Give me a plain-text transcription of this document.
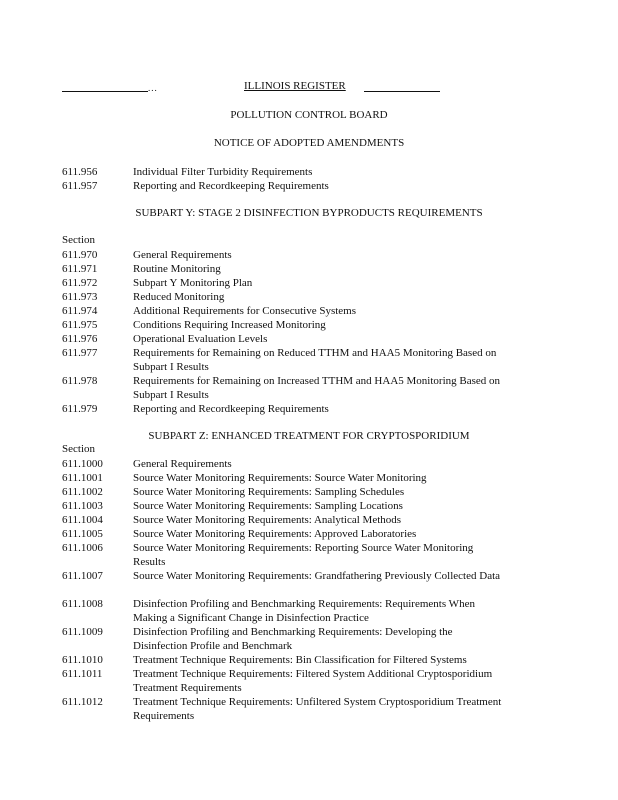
...	ILLINOIS REGISTER
POLLUTION CONTROL BOARD
NOTICE OF ADOPTED AMENDMENTS
611.956	Individual Filter Turbidity Requirements
611.957	Reporting and Recordkeeping Requirements
SUBPART Y: STAGE 2 DISINFECTION BYPRODUCTS REQUIREMENTS
Section
611.970	General Requirements
611.971	Routine Monitoring
611.972	Subpart Y Monitoring Plan
611.973	Reduced Monitoring
611.974	Additional Requirements for Consecutive Systems
611.975	Conditions Requiring Increased Monitoring
611.976	Operational Evaluation Levels
611.977	Requirements for Remaining on Reduced TTHM and HAA5 Monitoring Based on Subpart I Results
611.978	Requirements for Remaining on Increased TTHM and HAA5 Monitoring Based on Subpart I Results
611.979	Reporting and Recordkeeping Requirements
SUBPART Z: ENHANCED TREATMENT FOR CRYPTOSPORIDIUM
Section
611.1000	General Requirements
611.1001	Source Water Monitoring Requirements: Source Water Monitoring
611.1002	Source Water Monitoring Requirements: Sampling Schedules
611.1003	Source Water Monitoring Requirements: Sampling Locations
611.1004	Source Water Monitoring Requirements: Analytical Methods
611.1005	Source Water Monitoring Requirements: Approved Laboratories
611.1006	Source Water Monitoring Requirements: Reporting Source Water Monitoring Results
611.1007	Source Water Monitoring Requirements: Grandfathering Previously Collected Data
611.1008	Disinfection Profiling and Benchmarking Requirements: Requirements When Making a Significant Change in Disinfection Practice
611.1009	Disinfection Profiling and Benchmarking Requirements: Developing the Disinfection Profile and Benchmark
611.1010	Treatment Technique Requirements: Bin Classification for Filtered Systems
611.1011	Treatment Technique Requirements: Filtered System Additional Cryptosporidium Treatment Requirements
611.1012	Treatment Technique Requirements: Unfiltered System Cryptosporidium Treatment Requirements
